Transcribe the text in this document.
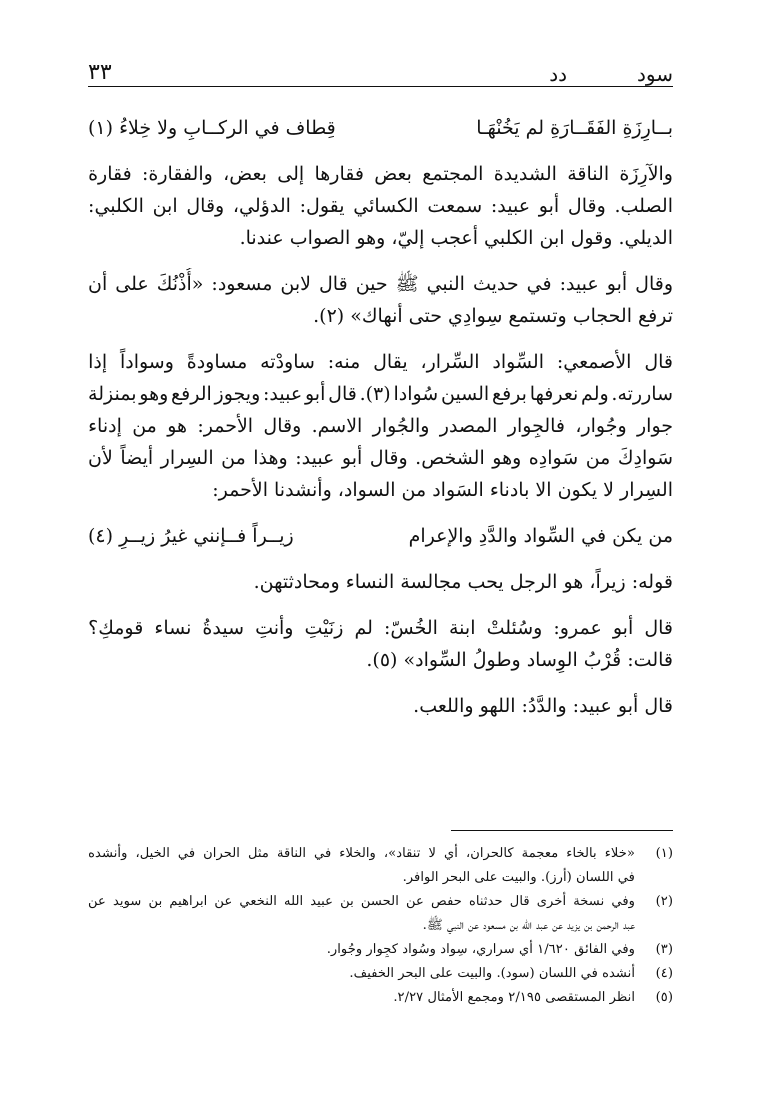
سود
دد
٣٣
بــارِزَةِ الفَقَــارَةِ لم يَخُنْهَـا
قِطاف في الركــابِ ولا خِلاءُ (١)
والآرِزَة
الناقة
الشديدة
المجتمع
بعض
فقارها
إلى
بعض،
والفقارة:
فقارة
الصلب.
وقال
أبو
عبيد:
سمعت
الكسائي
يقول:
الدؤلي،
وقال
ابن
الكلبي:
الديلي. وقول ابن الكلبي أعجب إليّ، وهو الصواب عندنا.
وقال
أبو
عبيد:
في
حديث
النبي
ﷺ
حين
قال
لابن
مسعود:
«أُذْنُكَ
على
أن
ترفع الحجاب وتستمع سِوادِي حتى أنهاك» (٢).
قال
الأصمعي:
السِّواد
السِّرار،
يقال
منه:
ساودْته
مساودةً
وسواداً
إذا
ساررته.
ولم
نعرفها
برفع
السين
سُوادا
(٣).
قال
أبو
عبيد:
ويجوز
الرفع
وهو
بمنزلة
جوار
وجُوار،
فالجِوار
المصدر
والجُوار
الاسم.
وقال
الأحمر:
هو
من
إدناء
سَوادِكَ
من
سَوادِه
وهو
الشخص.
وقال
أبو
عبيد:
وهذا
من
السِرار
أيضاً
لأن
السِرار لا يكون الا بادناء السَواد من السواد، وأنشدنا الأحمر:
من يكن في السِّواد والدَّدِ والإعرام
زيــراً فــإنني غيرُ زيــرِ (٤)
قوله: زيراً، هو الرجل يحب مجالسة النساء ومحادثتهن.
قال
أبو
عمرو:
وسُئلتْ
ابنة
الخُسّ:
لم
زنَيْتِ
وأنتِ
سيدةُ
نساء
قومكِ؟
قالت: قُرْبُ الوِساد وطولُ السِّواد» (٥).
قال أبو عبيد: والدَّدُ: اللهو واللعب.
(١)
«خلاء
بالخاء
معجمة
كالحران،
أي
لا
تنقاد»،
والخلاء
في
الناقة
مثل
الحران
في
الخيل،
وأنشده
في اللسان (أرز). والبيت على البحر الوافر.
(٢)
وفي
نسخة
أخرى
قال
حدثناه
حفص
عن
الحسن
بن
عبيد
الله
النخعي
عن
ابراهيم
بن
سويد
عن
عبد الرحمن بن يزيد عن عبد الله بن مسعود عن النبي ﷺ.
(٣)
وفي الفائق ١/٦٢٠ أي سراري، سِواد وسُواد كجِوار وجُوار.
(٤)
أنشده في اللسان (سود). والبيت على البحر الخفيف.
(٥)
انظر المستقصى ٢/١٩٥ ومجمع الأمثال ٢/٢٧.
